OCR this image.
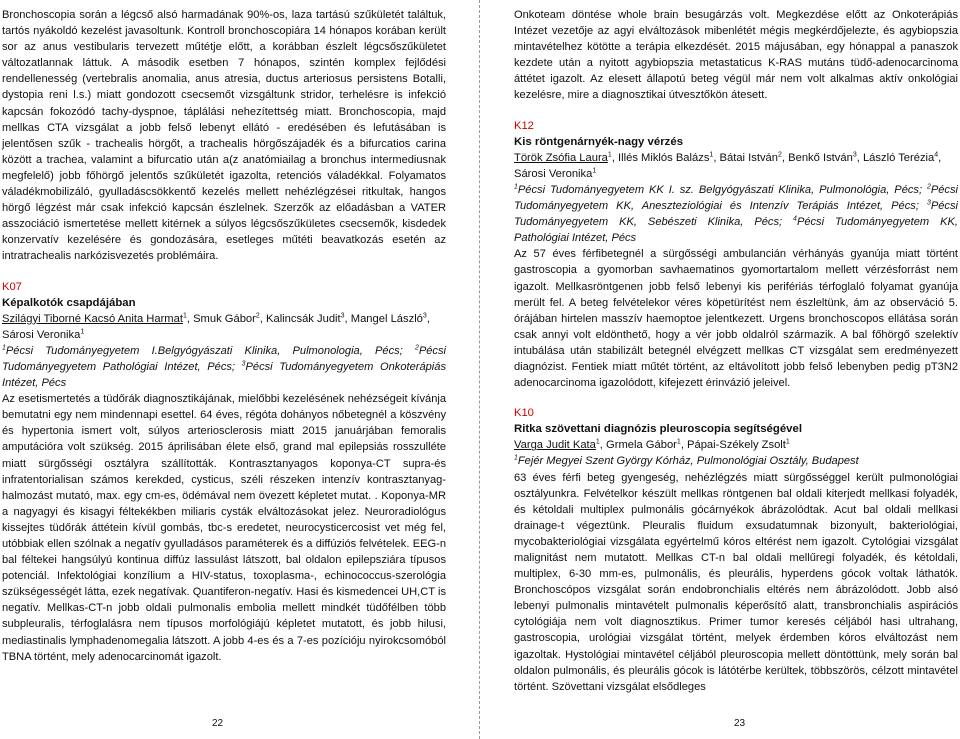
Bronchoscopia során a légcső alsó harmadának 90%-os, laza tartású szűkületét találtuk, tartós nyákoldó kezelést javasoltunk. Kontroll bronchoscopiára 14 hónapos korában került sor az anus vestibularis tervezett műtétje előtt, a korábban észlelt légcsőszűkületet változatlannak láttuk. A második esetben 7 hónapos, szintén komplex fejlődési rendellenesség (vertebralis anomalia, anus atresia, ductus arteriosus persistens Botalli, dystopia reni l.s.) miatt gondozott csecsemőt vizsgáltunk stridor, terhelésre is infekció kapcsán fokozódó tachy-dyspnoe, táplálási nehezítettség miatt. Bronchoscopia, majd mellkas CTA vizsgálat a jobb felső lebenyt ellátó - eredésében és lefutásában is jelentősen szűk - trachealis hörgőt, a trachealis hörgőszájadék és a bifurcatios carina között a trachea, valamint a bifurcatio után a(z anatómiailag a bronchus intermediusnak megfelelő) jobb főhörgő jelentős szűkületét igazolta, retenciós váladékkal. Folyamatos váladékmobilizáló, gyulladáscsökkentő kezelés mellett nehézlégzései ritkultak, hangos hörgő légzést már csak infekció kapcsán észlelnek. Szerzők az előadásban a VATER asszociáció ismertetése mellett kitérnek a súlyos légcsőszűkületes csecsemők, kisdedek konzervatív kezelésére és gondozására, esetleges műtéti beavatkozás esetén az intratrachealis narkózisvezetés problémáira.

K07
Képalkotók csapdájában
Szilágyi Tiborné Kacsó Anita Harmat$^1$, Smuk Gábor$^2$, Kalincsák Judit$^3$, Mangel László$^3$, Sárosi Veronika$^1$
$^1$Pécsi Tudományegyetem I.Belgyógyászati Klinika, Pulmonologia, Pécs; $^2$Pécsi Tudományegyetem Pathológiai Intézet, Pécs; $^3$Pécsi Tudományegyetem Onkoterápiás Intézet, Pécs

Az esetismertetés a tüdőrák diagnosztikájának, mielőbbi kezelésének nehézségeit kívánja bemutatni egy nem mindennapi esettel. 64 éves, régóta dohányos nőbetegnél a köszvény és hypertonia ismert volt, súlyos arteriosclerosis miatt 2015 januárjában femoralis amputációra volt szükség. 2015 áprilisában élete első, grand mal epilepsiás rosszulléte miatt sürgősségi osztályra szállították. Kontrasztanyagos koponya-CT supra-és infratentorialisan számos kerekded, cysticus, széli részeken intenzív kontrasztanyag-halmozást mutató, max. egy cm-es, ödémával nem övezett képletet mutat. . Koponya-MR a nagyagyi és kisagyi féltekékben miliaris cysták elváltozásokat jelez. Neuroradiológus kissejtes tüdőrák áttétein kívül gombás, tbc-s eredetet, neurocysticercosist vet még fel, utóbbiak ellen szólnak a negatív gyulladásos paraméterek és a diffúziós felvételek. EEG-n bal féltekei hangsúlyú kontinua diffúz lassulást látszott, bal oldalon epilepsziára típusos potenciál. Infektológiai konzílium a HIV-status, toxoplasma-, echinococcus-szerológia szükségességét látta, ezek negatívak. Quantiferon-negatív. Hasi és kismedencei UH,CT is negatív. Mellkas-CT-n jobb oldali pulmonalis embolia mellett mindkét tüdőfélben több subpleuralis, térfoglalásra nem típusos morfológiájú képletet mutatott, és jobb hilusi, mediastinalis lymphadenomegalia látszott. A jobb 4-es és a 7-es pozícióju nyirokcsomóból TBNA történt, mely adenocarcinomát igazolt.

22

Onkoteam döntése whole brain besugárzás volt. Megkezdése előtt az Onkoterápiás Intézet vezetője az agyi elváltozások mibenlétét mégis megkérdőjelezte, és agybiopszia mintavételhez kötötte a terápia elkezdését. 2015 májusában, egy hónappal a panaszok kezdete után a nyitott agybiopszia metastaticus K-RAS mutáns tüdő-adenocarcinoma áttétet igazolt. Az elesett állapotú beteg végül már nem volt alkalmas aktív onkológiai kezelésre, mire a diagnosztikai útvesztőkön átesett.

K12
Kis röntgenárnyék-nagy vérzés
Török Zsófia Laura$^1$, Illés Miklós Balázs$^1$, Bátai István$^2$, Benkő István$^3$, László Terézia$^4$, Sárosi Veronika$^1$
$^1$Pécsi Tudományegyetem KK I. sz. Belgyógyászati Klinika, Pulmonológia, Pécs; $^2$Pécsi Tudományegyetem KK, Aneszteziológiai és Intenzív Terápiás Intézet, Pécs; $^3$Pécsi Tudományegyetem KK, Sebészeti Klinika, Pécs; $^4$Pécsi Tudományegyetem KK, Pathológiai Intézet, Pécs

Az 57 éves férfibetegnél a sürgősségi ambulancián vérhányás gyanúja miatt történt gastroscopia a gyomorban savhaematinos gyomortartalom mellett vérzésforrást nem igazolt. Mellkasröntgenen jobb felső lebenyi kis perifériás térfoglaló folyamat gyanúja merült fel. A beteg felvételekor véres köpetürítést nem észleltünk, ám az observáció 5. órájában hirtelen masszív haemoptoe jelentkezett. Urgens bronchoscopos ellátása során csak annyi volt eldönthető, hogy a vér jobb oldalról származik. A bal főhörgő szelektív intubálása után stabilizált betegnél elvégzett mellkas CT vizsgálat sem eredményezett diagnózist. Fentiek miatt műtét történt, az eltávolított jobb felső lebenyben pedig pT3N2 adenocarcinoma igazolódott, kifejezett érinvázió jeleivel.

K10
Ritka szövettani diagnózis pleuroscopia segítségével
Varga Judit Kata$^1$, Grmela Gábor$^1$, Pápai-Székely Zsolt$^1$
$^1$Fejér Megyei Szent György Kórház, Pulmonológiai Osztály, Budapest

63 éves férfi beteg gyengeség, nehézlégzés miatt sürgősséggel került pulmonológiai osztályunkra. Felvételkor készült mellkas röntgenen bal oldali kiterjedt mellkasi folyadék, és kétoldali multiplex pulmonális gócárnyékok ábrázolódtak. Acut bal oldali mellkasi drainage-t végeztünk. Pleuralis fluidum exsudatumnak bizonyult, bakteriológiai, mycobakteriológiai vizsgálata egyértelmű kóros eltérést nem igazolt. Cytológiai vizsgálat malignitást nem mutatott. Mellkas CT-n bal oldali mellűregi folyadék, és kétoldali, multiplex, 6-30 mm-es, pulmonális, és pleurális, hyperdens gócok voltak láthatók. Bronchoscópos vizsgálat során endobronchialis eltérés nem ábrázolódott. Jobb alsó lebenyi pulmonalis mintavételt pulmonalis képerősítő alatt, transbronchialis aspirációs cytológiája nem volt diagnosztikus. Primer tumor keresés céljából hasi ultrahang, gastroscopia, urológiai vizsgálat történt, melyek érdemben kóros elváltozást nem igazoltak. Hystológiai mintavétel céljából pleuroscopia mellett döntöttünk, mely során bal oldalon pulmonális, és pleurális gócok is látótérbe kerültek, többszörös, célzott mintavétel történt. Szövettani vizsgálat elsődleges

23
